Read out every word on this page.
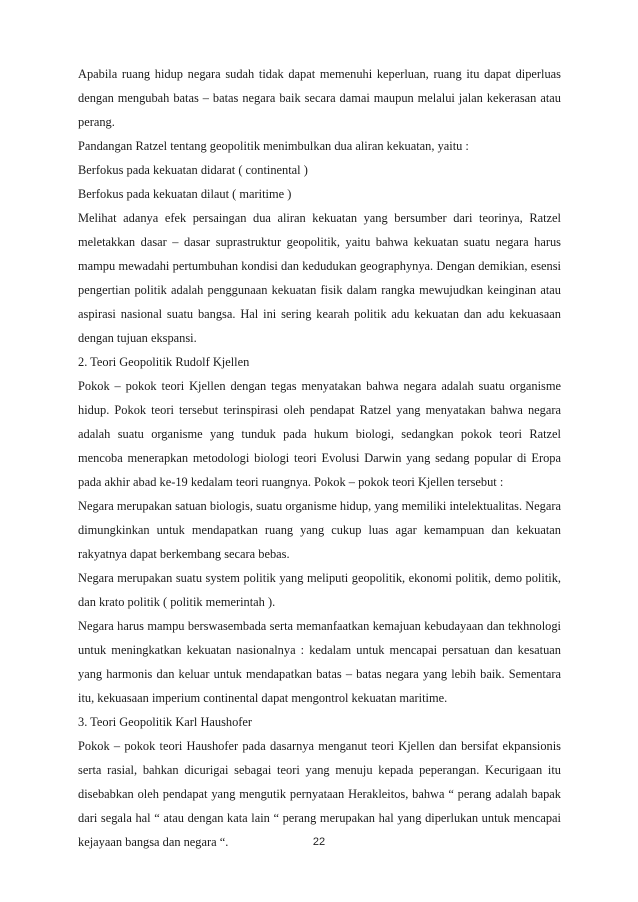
Apabila ruang hidup negara sudah tidak dapat memenuhi keperluan, ruang itu dapat diperluas dengan mengubah batas – batas negara baik secara damai maupun melalui jalan kekerasan atau perang.

Pandangan Ratzel tentang geopolitik menimbulkan dua aliran kekuatan, yaitu :

Berfokus pada kekuatan didarat ( continental )

Berfokus pada kekuatan dilaut ( maritime )

Melihat adanya efek persaingan dua aliran kekuatan yang bersumber dari teorinya, Ratzel meletakkan dasar – dasar suprastruktur geopolitik, yaitu bahwa kekuatan suatu negara harus mampu mewadahi pertumbuhan kondisi dan kedudukan geographynya. Dengan demikian, esensi pengertian politik adalah penggunaan kekuatan fisik dalam rangka mewujudkan keinginan atau aspirasi nasional suatu bangsa. Hal ini sering kearah politik adu kekuatan dan adu kekuasaan dengan tujuan ekspansi.

2. Teori Geopolitik Rudolf Kjellen

Pokok – pokok teori Kjellen dengan tegas menyatakan bahwa negara adalah suatu organisme hidup. Pokok teori tersebut terinspirasi oleh pendapat Ratzel yang menyatakan bahwa negara adalah suatu organisme yang tunduk pada hukum biologi, sedangkan pokok teori Ratzel mencoba menerapkan metodologi biologi teori Evolusi Darwin yang sedang popular di Eropa pada akhir abad ke-19 kedalam teori ruangnya. Pokok – pokok teori Kjellen tersebut :

Negara merupakan satuan biologis, suatu organisme hidup, yang memiliki intelektualitas. Negara dimungkinkan untuk mendapatkan ruang yang cukup luas agar kemampuan dan kekuatan rakyatnya dapat berkembang secara bebas.

Negara merupakan suatu system politik yang meliputi geopolitik, ekonomi politik, demo politik, dan krato politik ( politik memerintah ).

Negara harus mampu berswasembada serta memanfaatkan kemajuan kebudayaan dan tekhnologi untuk meningkatkan kekuatan nasionalnya : kedalam untuk mencapai persatuan dan kesatuan yang harmonis dan keluar untuk mendapatkan batas – batas negara yang lebih baik. Sementara itu, kekuasaan imperium continental dapat mengontrol kekuatan maritime.

3. Teori Geopolitik Karl Haushofer

Pokok – pokok teori Haushofer pada dasarnya menganut teori Kjellen dan bersifat ekpansionis serta rasial, bahkan dicurigai sebagai teori yang menuju kepada peperangan. Kecurigaan itu disebabkan oleh pendapat yang mengutik pernyataan Herakleitos, bahwa “ perang adalah bapak dari segala hal “ atau dengan kata lain “ perang merupakan hal yang diperlukan untuk mencapai kejayaan bangsa dan negara “.	22
